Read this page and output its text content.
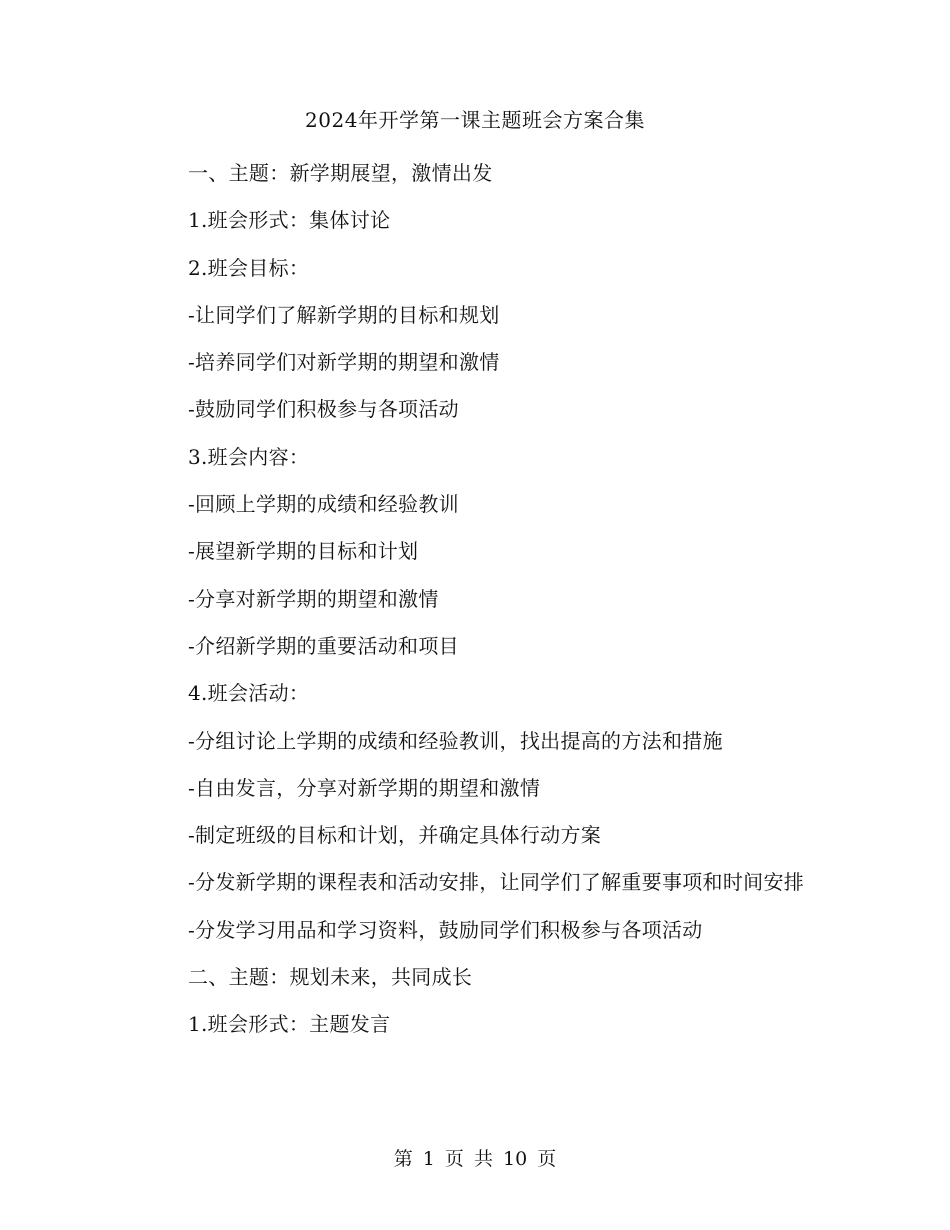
2024年开学第一课主题班会方案合集

一、主题：新学期展望，激情出发

1.班会形式：集体讨论

2.班会目标：

-让同学们了解新学期的目标和规划

-培养同学们对新学期的期望和激情

-鼓励同学们积极参与各项活动

3.班会内容：

-回顾上学期的成绩和经验教训

-展望新学期的目标和计划

-分享对新学期的期望和激情

-介绍新学期的重要活动和项目

4.班会活动：

-分组讨论上学期的成绩和经验教训，找出提高的方法和措施

-自由发言，分享对新学期的期望和激情

-制定班级的目标和计划，并确定具体行动方案

-分发新学期的课程表和活动安排，让同学们了解重要事项和时间安排

-分发学习用品和学习资料，鼓励同学们积极参与各项活动

二、主题：规划未来，共同成长

1.班会形式：主题发言

第 1 页 共 10 页
